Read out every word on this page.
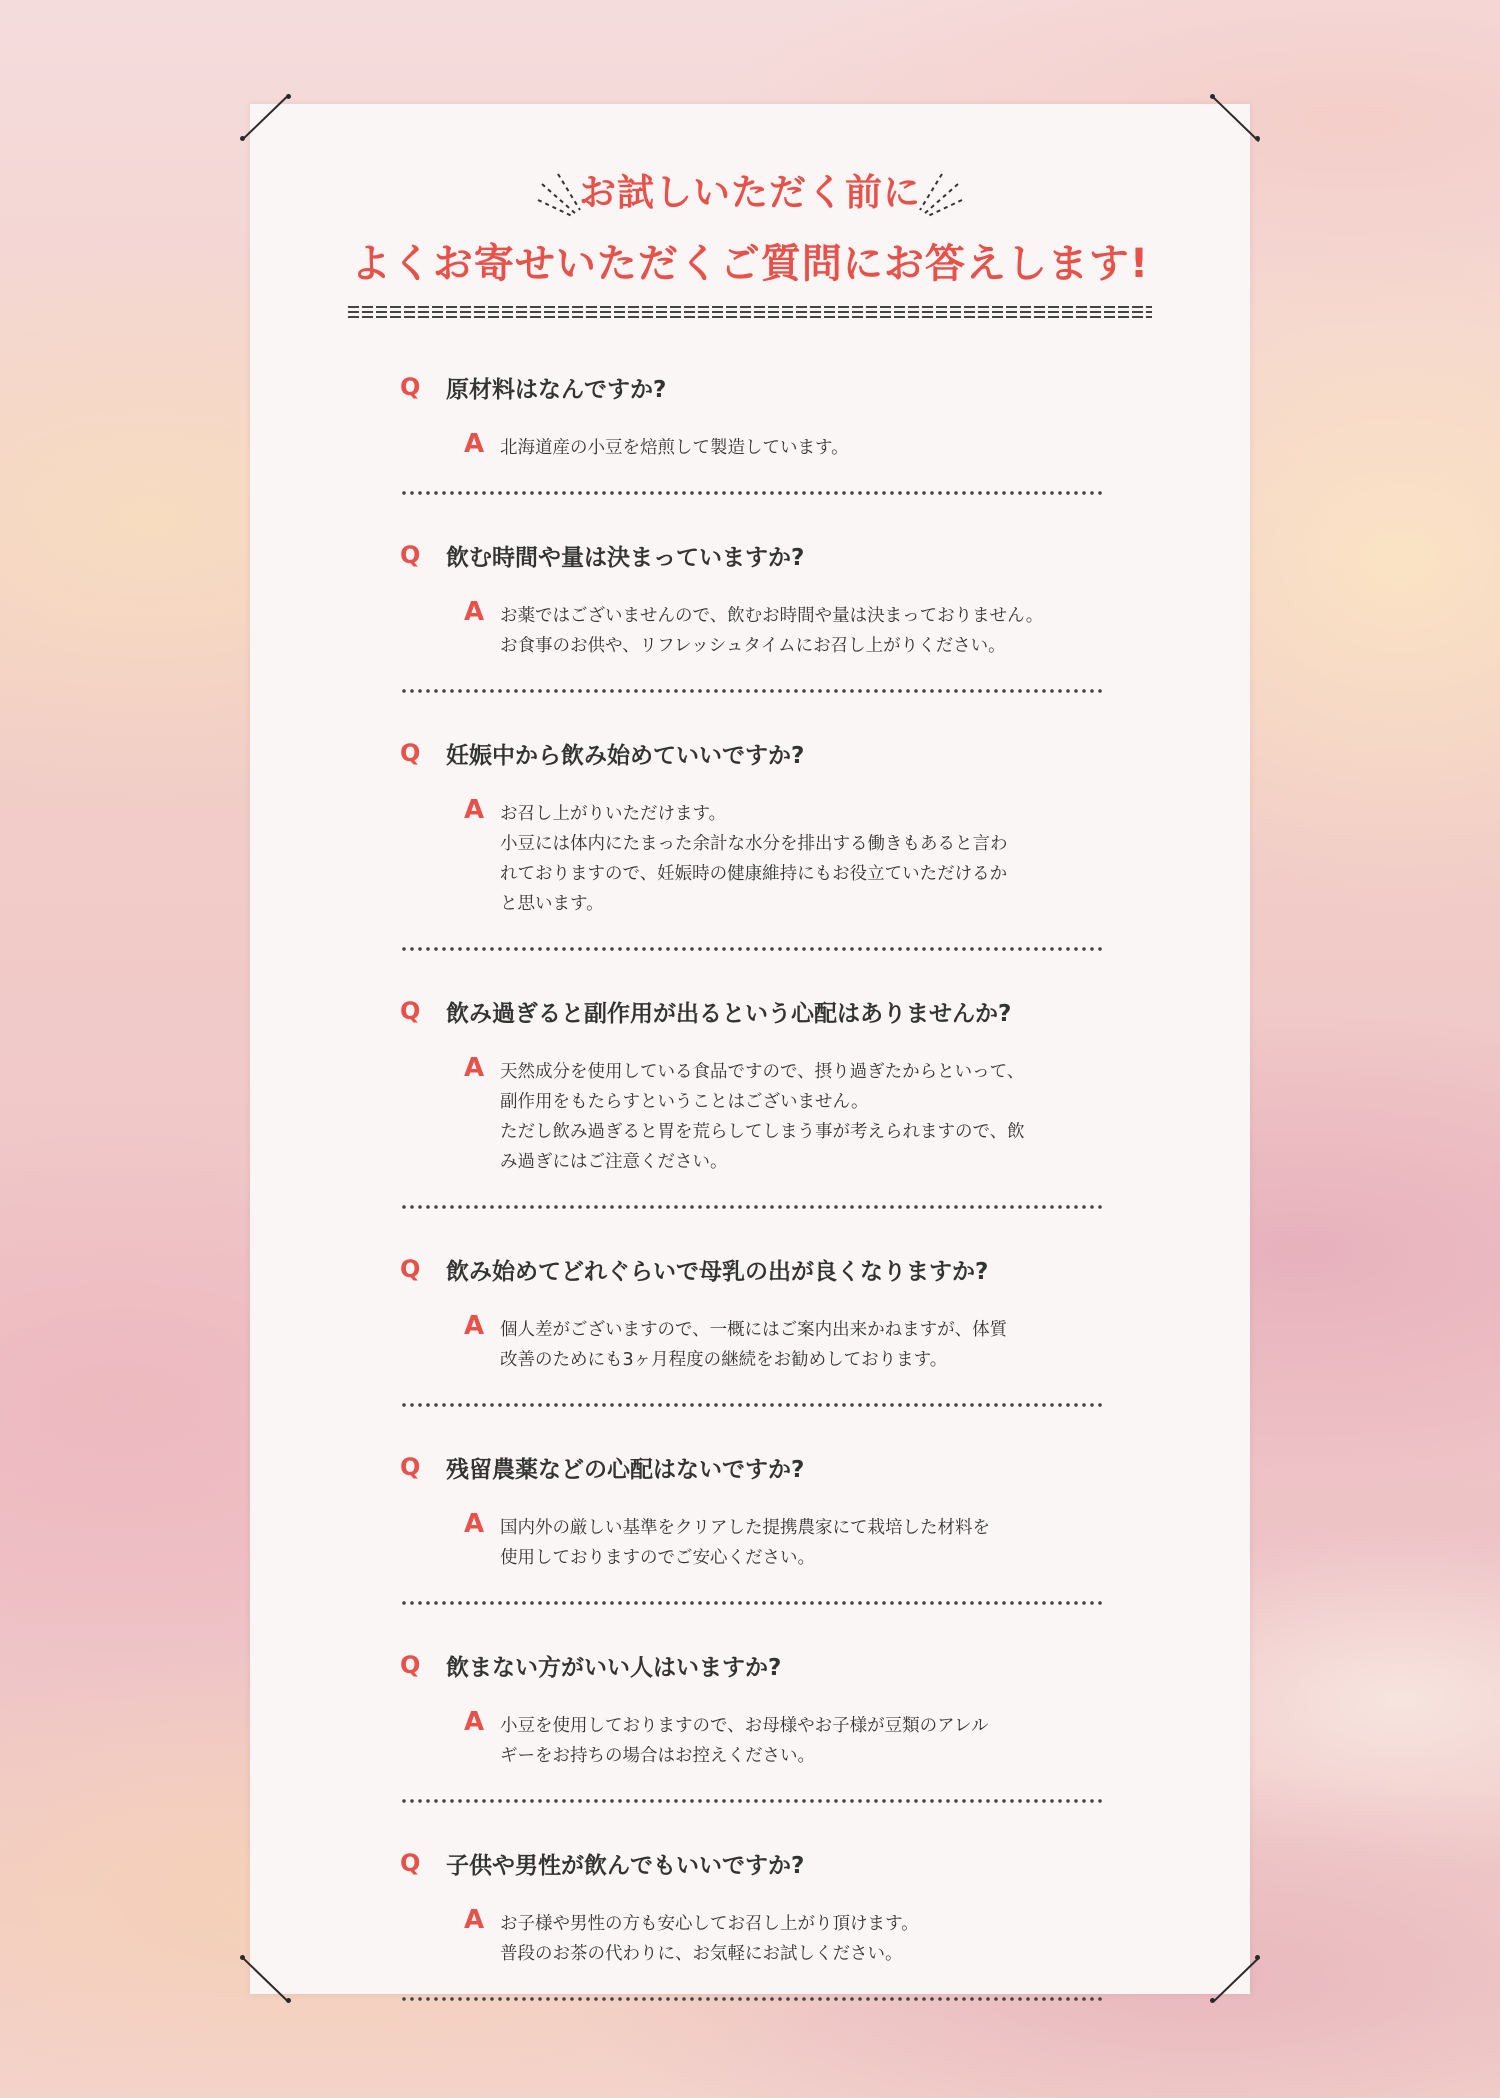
お試しいただく前に
よくお寄せいただくご質問にお答えします!
Q	原材料はなんですか?
A 北海道産の小豆を焙煎して製造しています。
Q	飲む時間や量は決まっていますか?
A お薬ではございませんので、飲むお時間や量は決まっておりません。
お食事のお供や、リフレッシュタイムにお召し上がりください。
Q	妊娠中から飲み始めていいですか?
A お召し上がりいただけます。
小豆には体内にたまった余計な水分を排出する働きもあると言わ
れておりますので、妊娠時の健康維持にもお役立ていただけるか
と思います。
Q	飲み過ぎると副作用が出るという心配はありませんか?
A 天然成分を使用している食品ですので、摂り過ぎたからといって、
副作用をもたらすということはございません。
ただし飲み過ぎると胃を荒らしてしまう事が考えられますので、飲
み過ぎにはご注意ください。
Q	飲み始めてどれぐらいで母乳の出が良くなりますか?
A 個人差がございますので、一概にはご案内出来かねますが、体質
改善のためにも3ヶ月程度の継続をお勧めしております。
Q	残留農薬などの心配はないですか?
A 国内外の厳しい基準をクリアした提携農家にて栽培した材料を
使用しておりますのでご安心ください。
Q	飲まない方がいい人はいますか?
A 小豆を使用しておりますので、お母様やお子様が豆類のアレル
ギーをお持ちの場合はお控えください。
Q	子供や男性が飲んでもいいですか?
A お子様や男性の方も安心してお召し上がり頂けます。
普段のお茶の代わりに、お気軽にお試しください。
